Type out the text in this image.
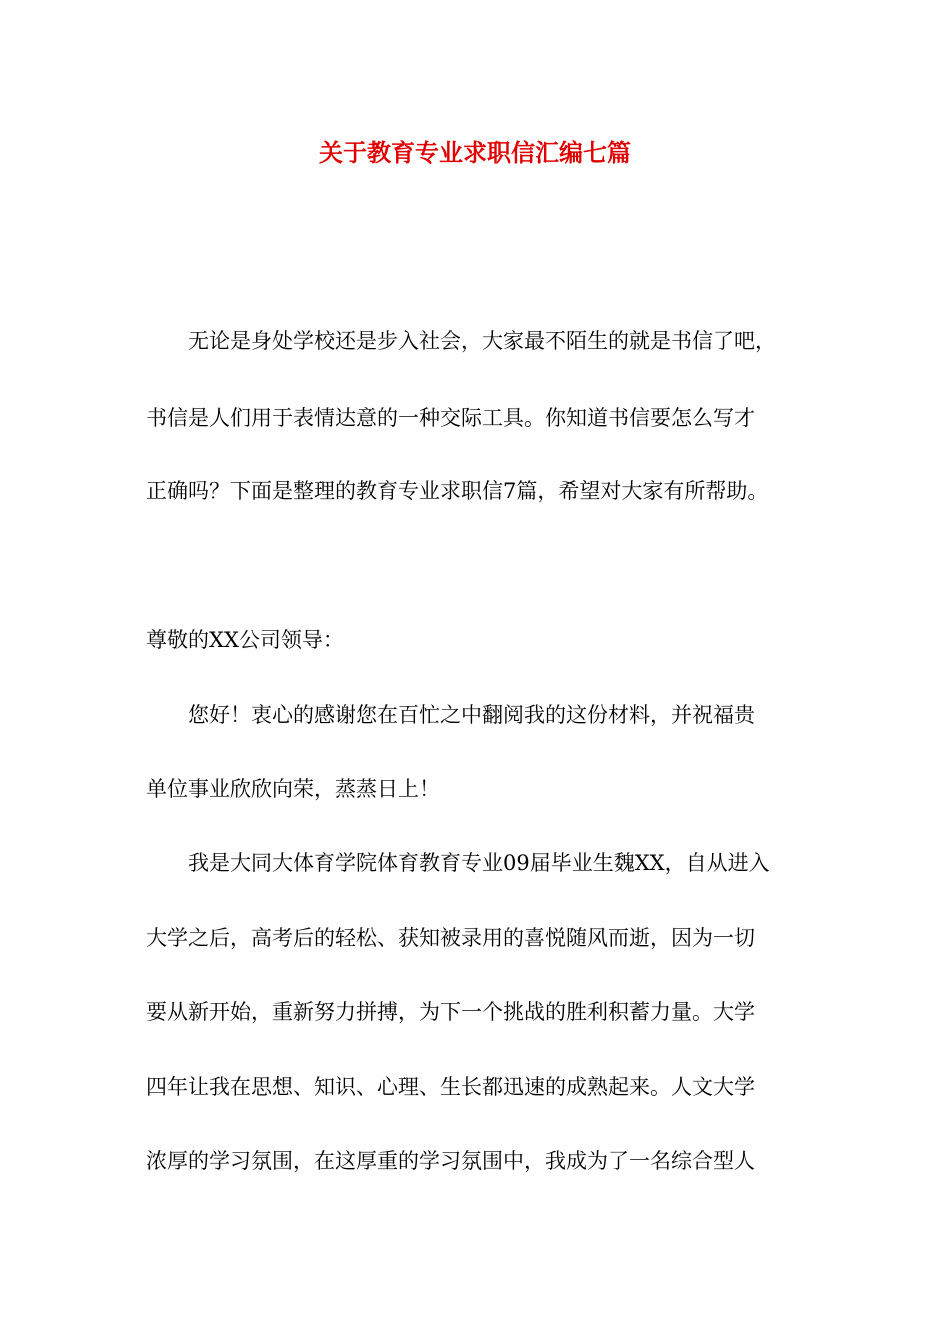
关于教育专业求职信汇编七篇

无论是身处学校还是步入社会，大家最不陌生的就是书信了吧，

书信是人们用于表情达意的一种交际工具。你知道书信要怎么写才

正确吗？下面是整理的教育专业求职信7篇，希望对大家有所帮助。

尊敬的XX公司领导：

您好！衷心的感谢您在百忙之中翻阅我的这份材料，并祝福贵

单位事业欣欣向荣，蒸蒸日上！

我是大同大体育学院体育教育专业09届毕业生魏XX，自从进入

大学之后，高考后的轻松、获知被录用的喜悦随风而逝，因为一切

要从新开始，重新努力拼搏，为下一个挑战的胜利积蓄力量。大学

四年让我在思想、知识、心理、生长都迅速的成熟起来。人文大学

浓厚的学习氛围，在这厚重的学习氛围中，我成为了一名综合型人
